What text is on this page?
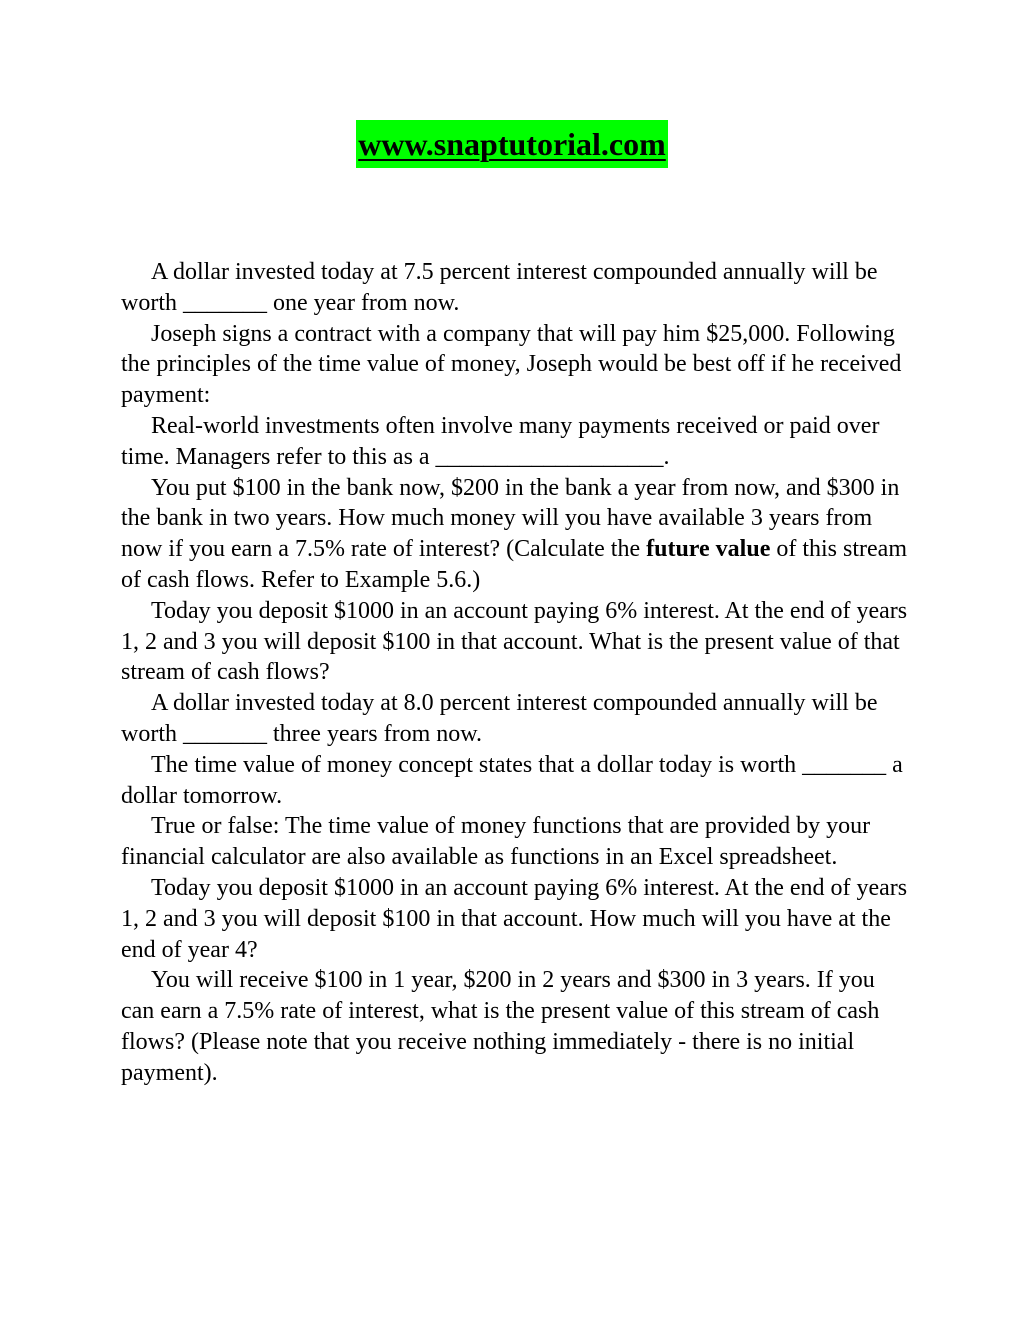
www.snaptutorial.com

A dollar invested today at 7.5 percent interest compounded annually will be worth _______ one year from now.

Joseph signs a contract with a company that will pay him $25,000. Following the principles of the time value of money, Joseph would be best off if he received payment:

Real-world investments often involve many payments received or paid over time. Managers refer to this as a ___________________.

You put $100 in the bank now, $200 in the bank a year from now, and $300 in the bank in two years. How much money will you have available 3 years from now if you earn a 7.5% rate of interest? (Calculate the future value of this stream of cash flows. Refer to Example 5.6.)

Today you deposit $1000 in an account paying 6% interest. At the end of years 1, 2 and 3 you will deposit $100 in that account. What is the present value of that stream of cash flows?

A dollar invested today at 8.0 percent interest compounded annually will be worth _______ three years from now.

The time value of money concept states that a dollar today is worth _______ a dollar tomorrow.

True or false: The time value of money functions that are provided by your financial calculator are also available as functions in an Excel spreadsheet.

Today you deposit $1000 in an account paying 6% interest. At the end of years 1, 2 and 3 you will deposit $100 in that account. How much will you have at the end of year 4?

You will receive $100 in 1 year, $200 in 2 years and $300 in 3 years. If you can earn a 7.5% rate of interest, what is the present value of this stream of cash flows? (Please note that you receive nothing immediately - there is no initial payment).
